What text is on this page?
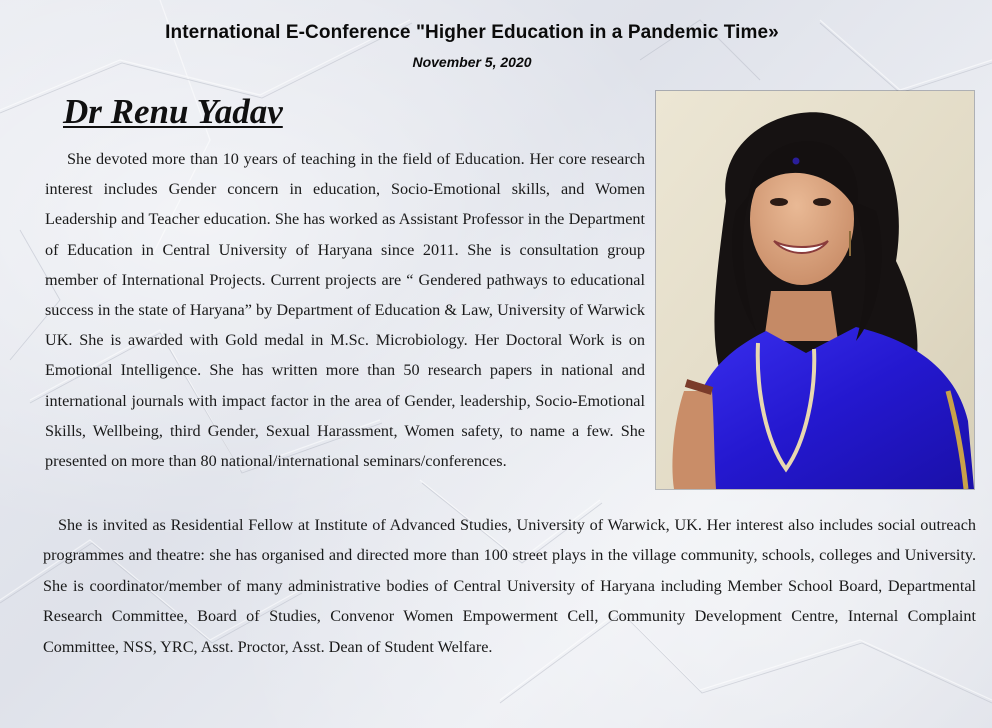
International E-Conference "Higher Education in a Pandemic Time»
November 5, 2020
Dr Renu Yadav

She devoted more than 10 years of teaching in the field of Education. Her core research interest includes Gender concern in education, Socio-Emotional skills, and Women Leadership and Teacher education. She has worked as Assistant Professor in the Department of Education in Central University of Haryana since 2011. She is consultation group member of International Projects. Current projects are “ Gendered pathways to educational success in the state of Haryana” by Department of Education & Law, University of Warwick UK. She is awarded with Gold medal in M.Sc. Microbiology. Her Doctoral Work is on Emotional Intelligence. She has written more than 50 research papers in national and international journals with impact factor in the area of Gender, leadership, Socio-Emotional Skills, Wellbeing, third Gender, Sexual Harassment, Women safety, to name a few. She presented on more than 80 national/international seminars/conferences.

She is invited as Residential Fellow at Institute of Advanced Studies, University of Warwick, UK. Her interest also includes social outreach programmes and theatre: she has organised and directed more than 100 street plays in the village community, schools, colleges and University. She is coordinator/member of many administrative bodies of Central University of Haryana including Member School Board, Departmental Research Committee, Board of Studies, Convenor Women Empowerment Cell, Community Development Centre, Internal Complaint Committee, NSS, YRC, Asst. Proctor, Asst. Dean of Student Welfare.
